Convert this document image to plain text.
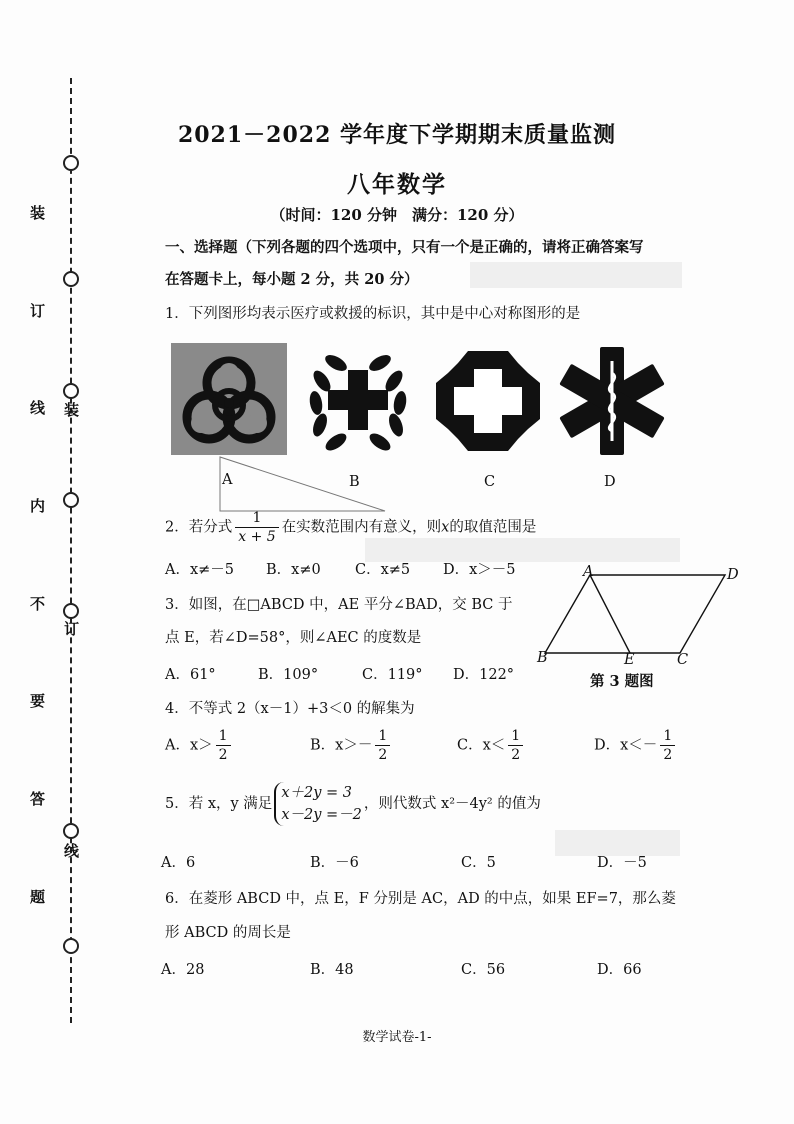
装
订
线
内
不
要
答
题
装
订
线
2021－2022 学年度下学期期末质量监测
八年数学
（时间：120 分钟　满分：120 分）
一、选择题（下列各题的四个选项中，只有一个是正确的，请将正确答案写
在答题卡上，每小题 2 分，共 20 分）
1．下列图形均表示医疗或救援的标识，其中是中心对称图形的是
A	B	C	D
2．若分式 $\frac{1}{x + 5}$ 在实数范围内有意义，则x的取值范围是
A．x≠－5 B．x≠0 C．x≠5 D．x＞－5
3．如图，在□ABCD 中，AE 平分∠BAD，交 BC 于
点 E，若∠D=58°，则∠AEC 的度数是
A．61°	B．109°	C．119° D．122°
A	D
B	E	C
第 3 题图
4．不等式 2（x－1）+3＜0 的解集为
A．$x> \frac{1}{2}$	B．$x>- \frac{1}{2}$	C．$x< \frac{1}{2}$	D．$x<- \frac{1}{2}$
5．若 x，y 满足
x＋2y = 3
x－2y =－2
，则代数式 x²－4y² 的值为
A．6	B．－6	C．5	D．－5
6．在菱形 ABCD 中，点 E，F 分别是 AC，AD 的中点，如果 EF=7，那么菱
形 ABCD 的周长是
A．28	B．48	C．56	D．66
数学试卷-1-
